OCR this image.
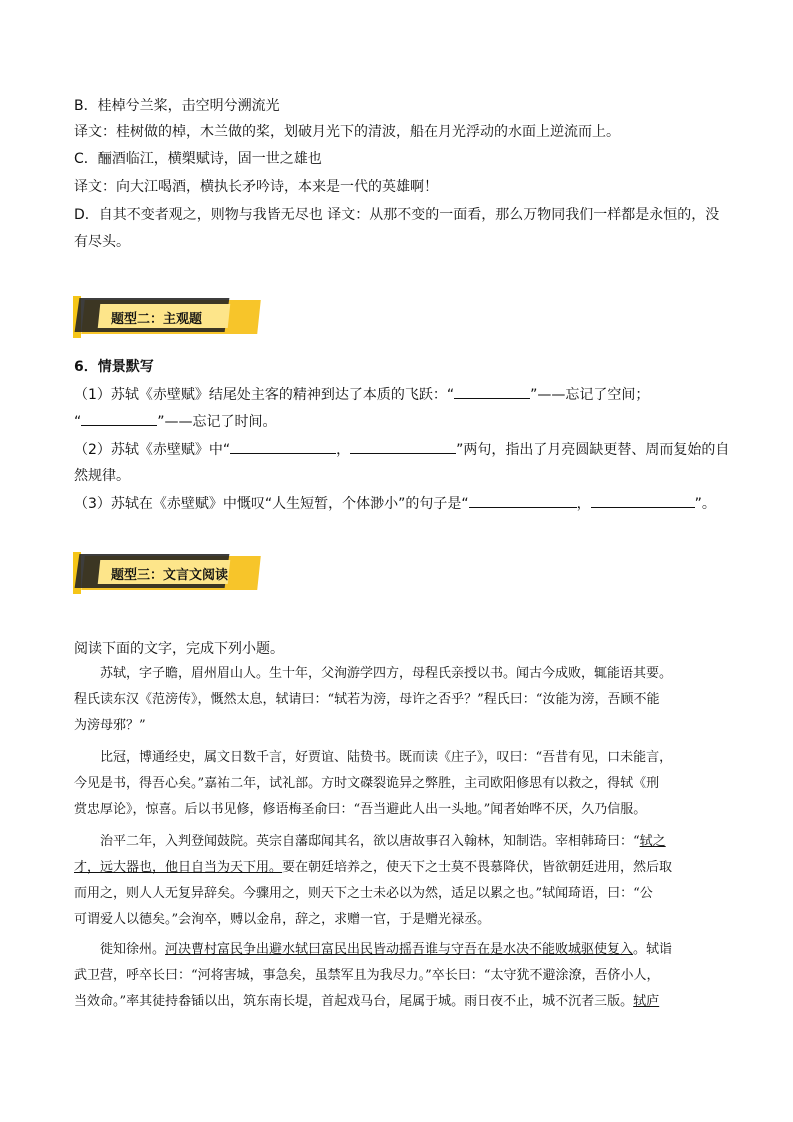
B．桂棹兮兰桨，击空明兮溯流光
译文：桂树做的棹，木兰做的桨，划破月光下的清波，船在月光浮动的水面上逆流而上。
C．酾酒临江，横槊赋诗，固一世之雄也
译文：向大江喝酒，横执长矛吟诗，本来是一代的英雄啊！
D．自其不变者观之，则物与我皆无尽也 译文：从那不变的一面看，那么万物同我们一样都是永恒的，没
有尽头。
题型二：主观题
6．情景默写
（1）苏轼《赤壁赋》结尾处主客的精神到达了本质的飞跃：“	”——忘记了空间；
“	”——忘记了时间。
（2）苏轼《赤壁赋》中“	，	”两句，指出了月亮圆缺更替、周而复始的自
然规律。
（3）苏轼在《赤壁赋》中慨叹“人生短暂，个体渺小”的句子是“	，	”。
题型三：文言文阅读
阅读下面的文字，完成下列小题。
苏轼，字子瞻，眉州眉山人。生十年，父洵游学四方，母程氏亲授以书。闻古今成败，辄能语其要。
程氏读东汉《范滂传》，慨然太息，轼请曰：“轼若为滂，母许之否乎？”程氏曰：“汝能为滂，吾顾不能
为滂母邪？”
比冠，博通经史，属文日数千言，好贾谊、陆贽书。既而读《庄子》，叹曰：“吾昔有见，口未能言，
今见是书，得吾心矣。”嘉祐二年，试礼部。方时文磔裂诡异之弊胜，主司欧阳修思有以救之，得轼《刑
赏忠厚论》，惊喜。后以书见修，修语梅圣俞曰：“吾当避此人出一头地。”闻者始哗不厌，久乃信服。
治平二年，入判登闻鼓院。英宗自藩邸闻其名，欲以唐故事召入翰林，知制诰。宰相韩琦曰：“轼之
才，远大器也，他日自当为天下用。要在朝廷培养之，使天下之士莫不畏慕降伏，皆欲朝廷进用，然后取
而用之，则人人无复异辞矣。今骤用之，则天下之士未必以为然，适足以累之也。”轼闻琦语，曰：“公
可谓爱人以德矣。”会洵卒，赙以金帛，辞之，求赠一官，于是赠光禄丞。
徙知徐州。河决曹村富民争出避水轼曰富民出民皆动摇吾谁与守吾在是水决不能败城驱使复入。轼诣
武卫营，呼卒长曰：“河将害城，事急矣，虽禁军且为我尽力。”卒长曰：“太守犹不避涂潦，吾侪小人，
当效命。”率其徒持畚锸以出，筑东南长堤，首起戏马台，尾属于城。雨日夜不止，城不沉者三版。轼庐
